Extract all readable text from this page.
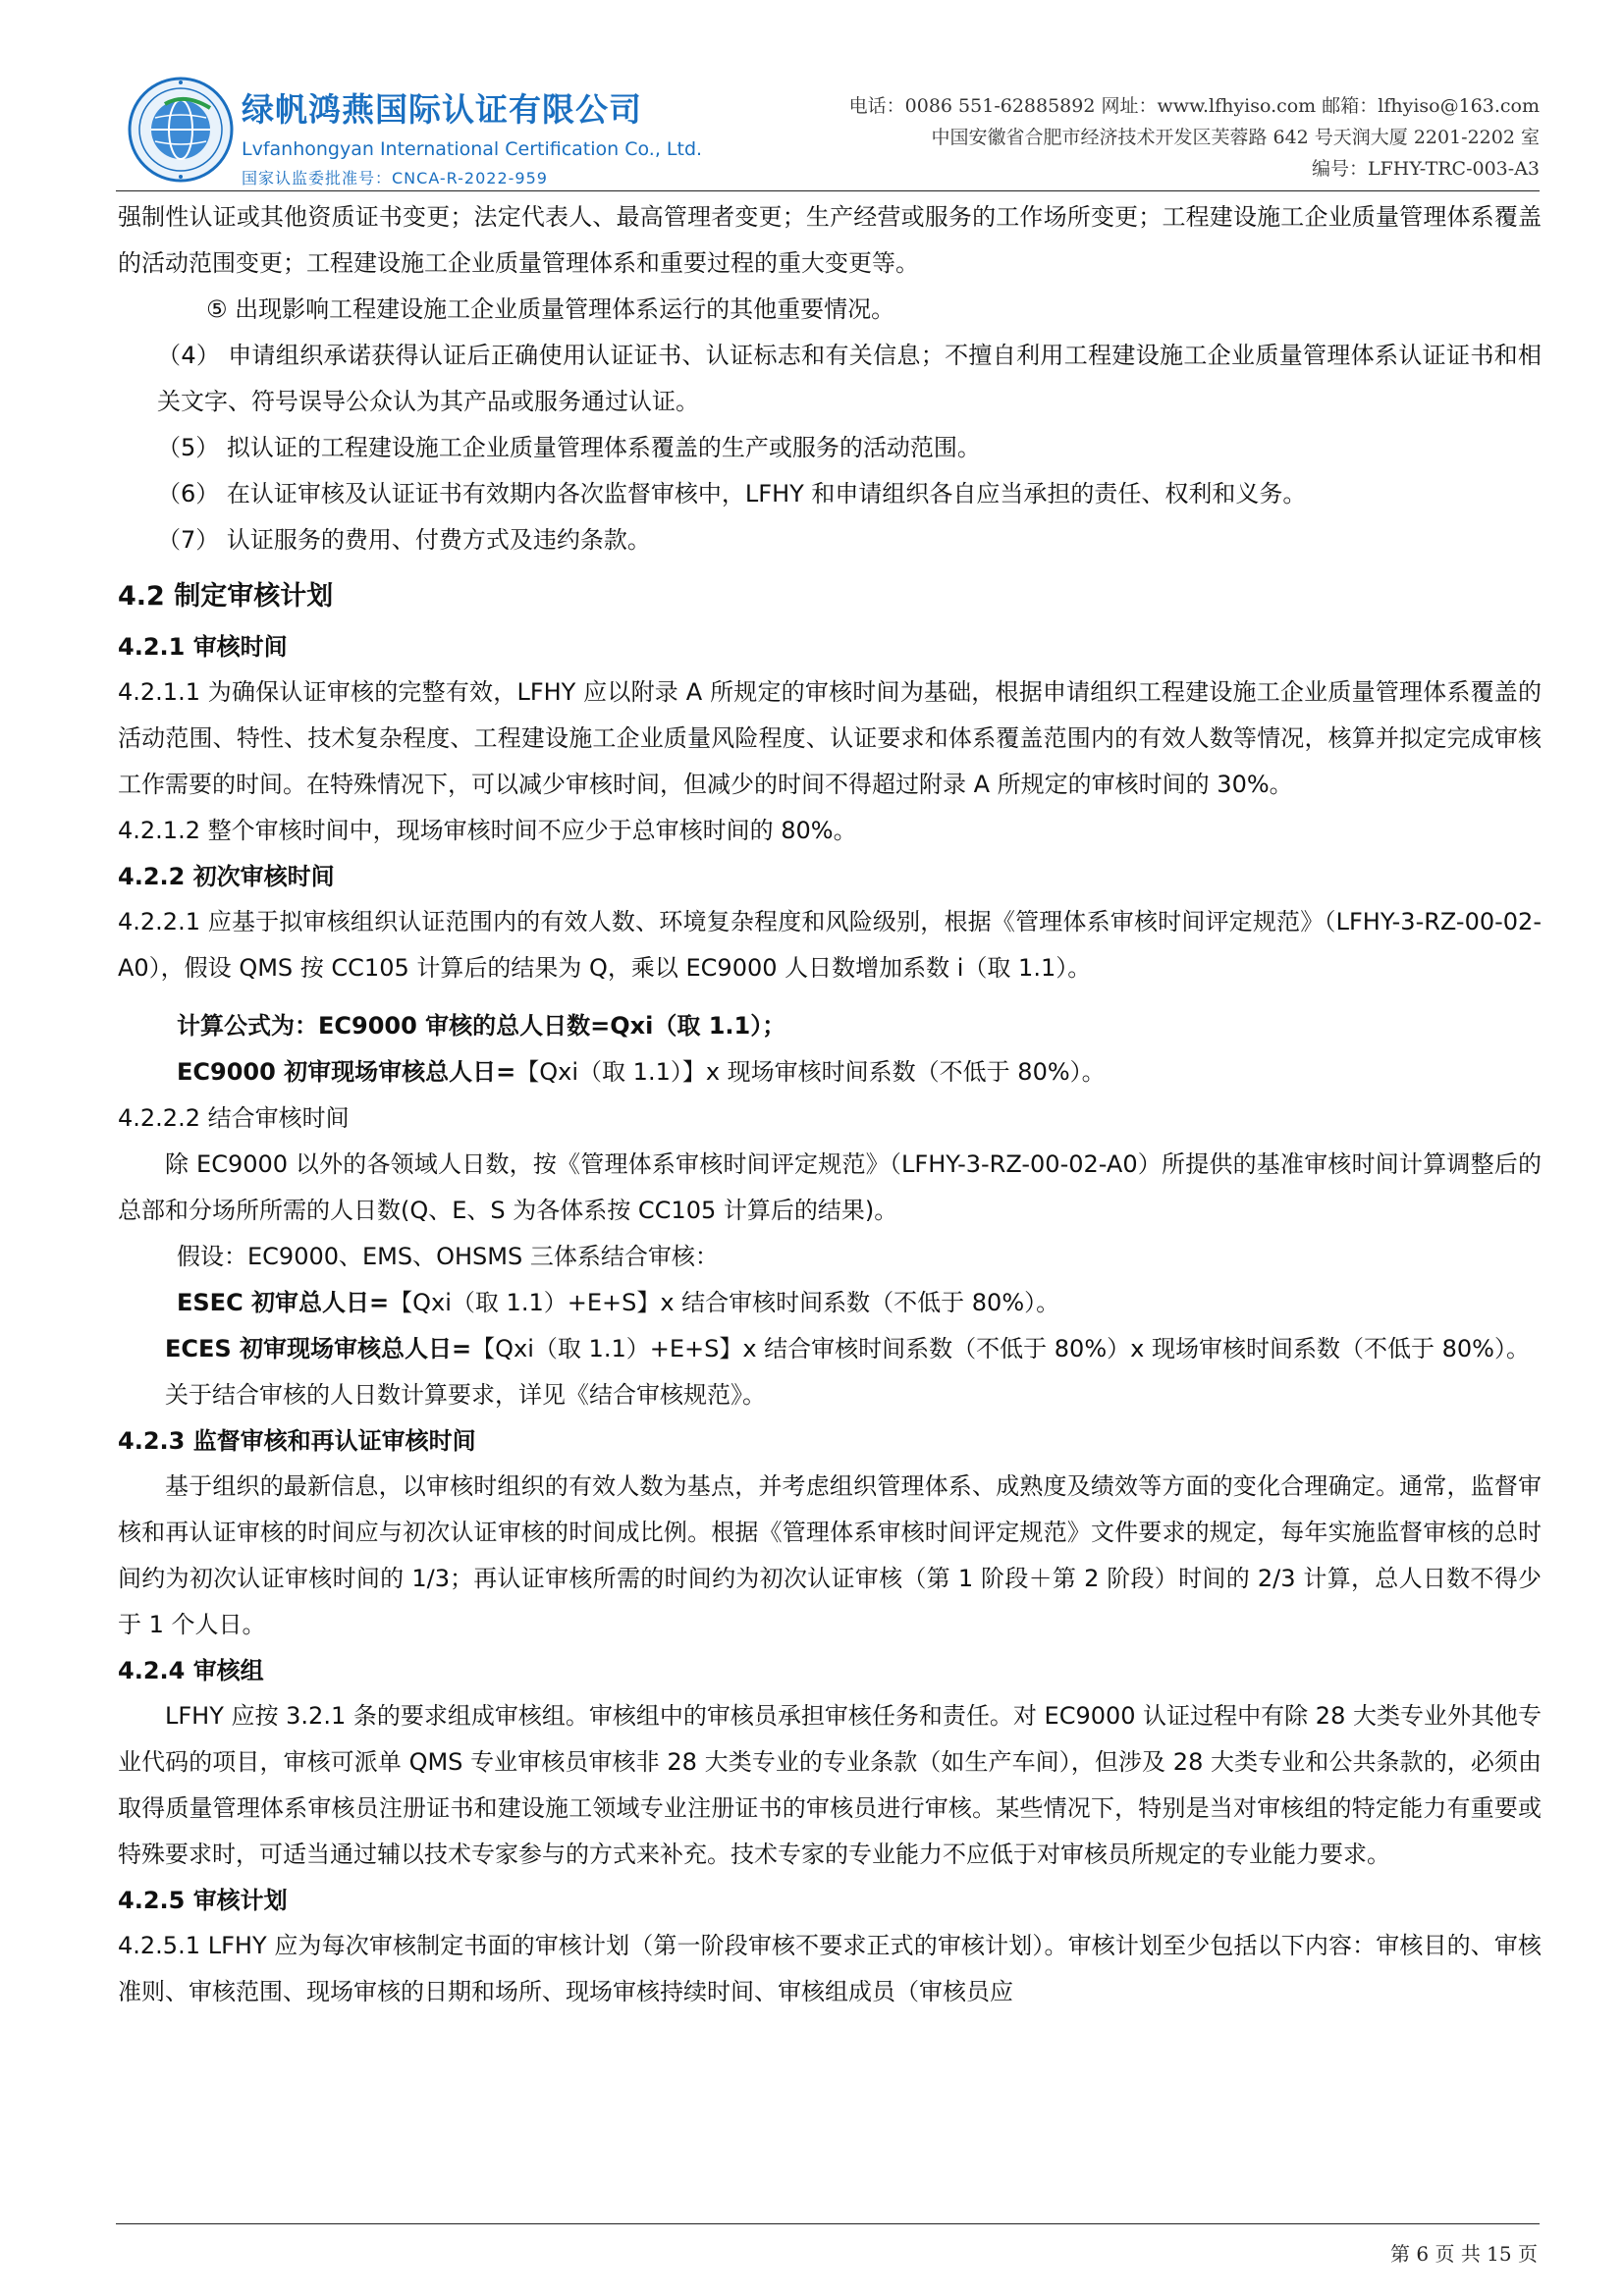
绿帆鸿燕国际认证有限公司
Lvfanhongyan International Certification Co., Ltd.
国家认监委批准号：CNCA-R-2022-959
电话：0086 551-62885892 网址：www.lfhyiso.com 邮箱：lfhyiso@163.com
中国安徽省合肥市经济技术开发区芙蓉路 642 号天润大厦 2201-2202 室
编号：LFHY-TRC-003-A3

强制性认证或其他资质证书变更；法定代表人、最高管理者变更；生产经营或服务的工作场所变更；工程建设施工企业质量管理体系覆盖的活动范围变更；工程建设施工企业质量管理体系和重要过程的重大变更等。

⑤ 出现影响工程建设施工企业质量管理体系运行的其他重要情况。

（4） 申请组织承诺获得认证后正确使用认证证书、认证标志和有关信息；不擅自利用工程建设施工企业质量管理体系认证证书和相关文字、符号误导公众认为其产品或服务通过认证。

（5） 拟认证的工程建设施工企业质量管理体系覆盖的生产或服务的活动范围。

（6） 在认证审核及认证证书有效期内各次监督审核中，LFHY 和申请组织各自应当承担的责任、权利和义务。

（7） 认证服务的费用、付费方式及违约条款。

4.2 制定审核计划

4.2.1 审核时间

4.2.1.1 为确保认证审核的完整有效，LFHY 应以附录 A 所规定的审核时间为基础，根据申请组织工程建设施工企业质量管理体系覆盖的活动范围、特性、技术复杂程度、工程建设施工企业质量风险程度、认证要求和体系覆盖范围内的有效人数等情况，核算并拟定完成审核工作需要的时间。在特殊情况下，可以减少审核时间，但减少的时间不得超过附录 A 所规定的审核时间的 30%。

4.2.1.2 整个审核时间中，现场审核时间不应少于总审核时间的 80%。

4.2.2 初次审核时间

4.2.2.1 应基于拟审核组织认证范围内的有效人数、环境复杂程度和风险级别，根据《管理体系审核时间评定规范》（LFHY-3-RZ-00-02-A0），假设 QMS 按 CC105 计算后的结果为 Q，乘以 EC9000 人日数增加系数 i（取 1.1）。

计算公式为：EC9000 审核的总人日数=Qxi（取 1.1）；

EC9000 初审现场审核总人日=【Qxi（取 1.1）】x 现场审核时间系数（不低于 80%）。

4.2.2.2 结合审核时间

除 EC9000 以外的各领域人日数，按《管理体系审核时间评定规范》（LFHY-3-RZ-00-02-A0）所提供的基准审核时间计算调整后的总部和分场所所需的人日数(Q、E、S 为各体系按 CC105 计算后的结果)。

假设：EC9000、EMS、OHSMS 三体系结合审核：

ESEC 初审总人日=【Qxi（取 1.1）+E+S】x 结合审核时间系数（不低于 80%）。

ECES 初审现场审核总人日=【Qxi（取 1.1）+E+S】x 结合审核时间系数（不低于 80%）x 现场审核时间系数（不低于 80%）。

关于结合审核的人日数计算要求，详见《结合审核规范》。

4.2.3 监督审核和再认证审核时间

基于组织的最新信息，以审核时组织的有效人数为基点，并考虑组织管理体系、成熟度及绩效等方面的变化合理确定。通常，监督审核和再认证审核的时间应与初次认证审核的时间成比例。根据《管理体系审核时间评定规范》文件要求的规定，每年实施监督审核的总时间约为初次认证审核时间的 1/3；再认证审核所需的时间约为初次认证审核（第 1 阶段＋第 2 阶段）时间的 2/3 计算，总人日数不得少于 1 个人日。

4.2.4 审核组

LFHY 应按 3.2.1 条的要求组成审核组。审核组中的审核员承担审核任务和责任。对 EC9000 认证过程中有除 28 大类专业外其他专业代码的项目，审核可派单 QMS 专业审核员审核非 28 大类专业的专业条款（如生产车间），但涉及 28 大类专业和公共条款的，必须由取得质量管理体系审核员注册证书和建设施工领域专业注册证书的审核员进行审核。某些情况下，特别是当对审核组的特定能力有重要或特殊要求时，可适当通过辅以技术专家参与的方式来补充。技术专家的专业能力不应低于对审核员所规定的专业能力要求。

4.2.5 审核计划

4.2.5.1 LFHY 应为每次审核制定书面的审核计划（第一阶段审核不要求正式的审核计划）。审核计划至少包括以下内容：审核目的、审核准则、审核范围、现场审核的日期和场所、现场审核持续时间、审核组成员（审核员应

第 6 页 共 15 页
